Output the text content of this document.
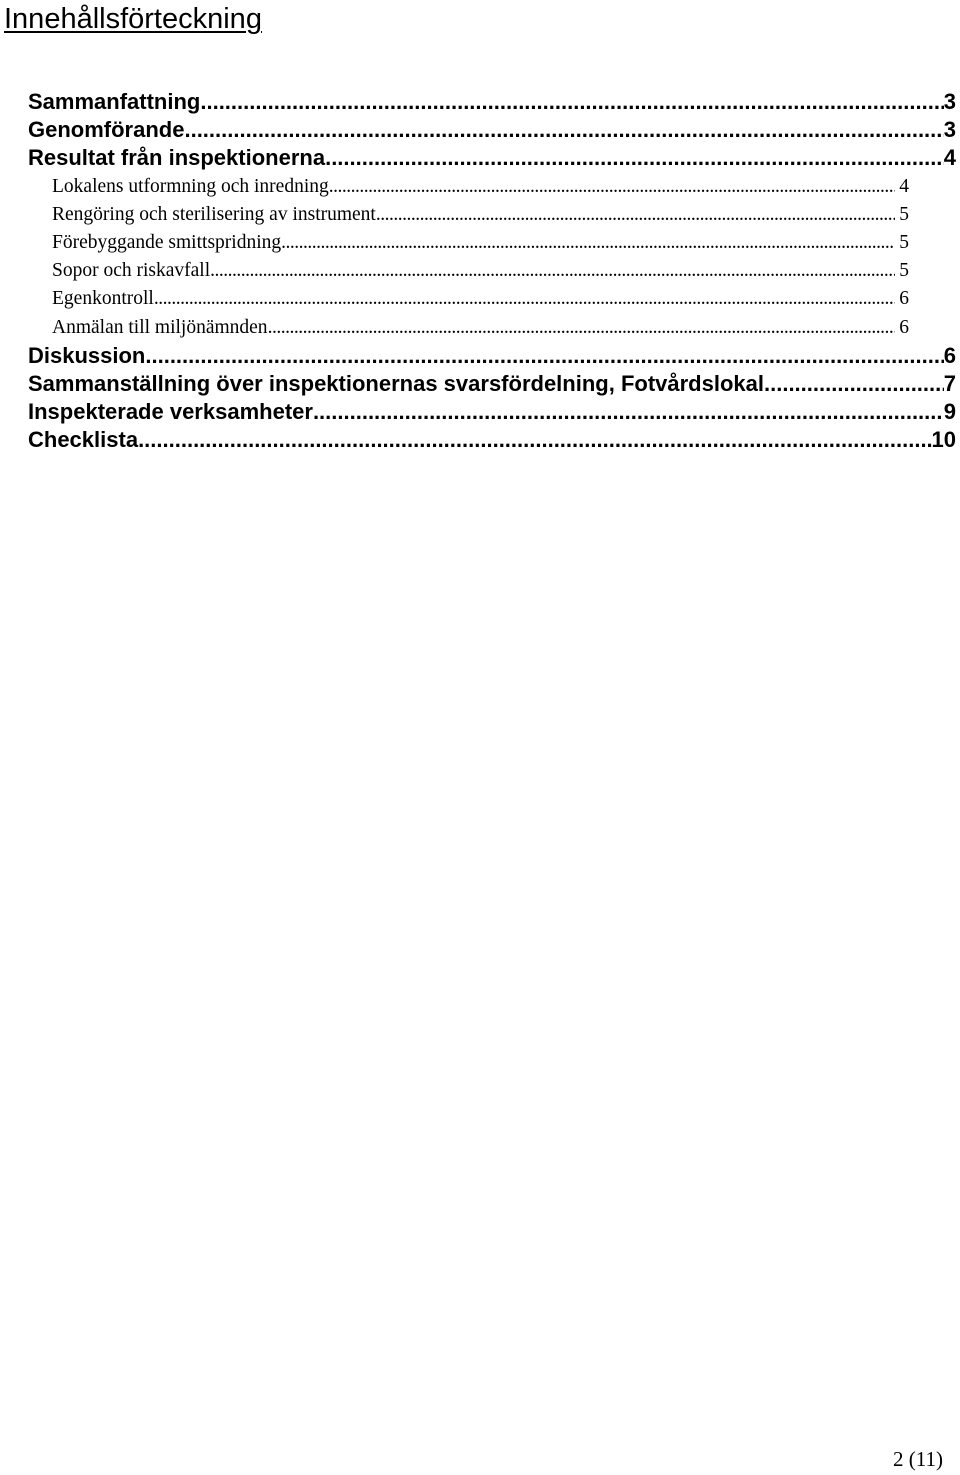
Innehållsförteckning
Sammanfattning .....	3
Genomförande .....	3
Resultat från inspektionerna .....	4
Lokalens utformning och inredning .....	4
Rengöring och sterilisering av instrument .....	5
Förebyggande smittspridning .....	5
Sopor och riskavfall .....	5
Egenkontroll .....	6
Anmälan till miljönämnden .....	6
Diskussion .....	6
Sammanställning över inspektionernas svarsfördelning, Fotvårdslokal .....	7
Inspekterade verksamheter .....	9
Checklista .....	10
2 (11)
